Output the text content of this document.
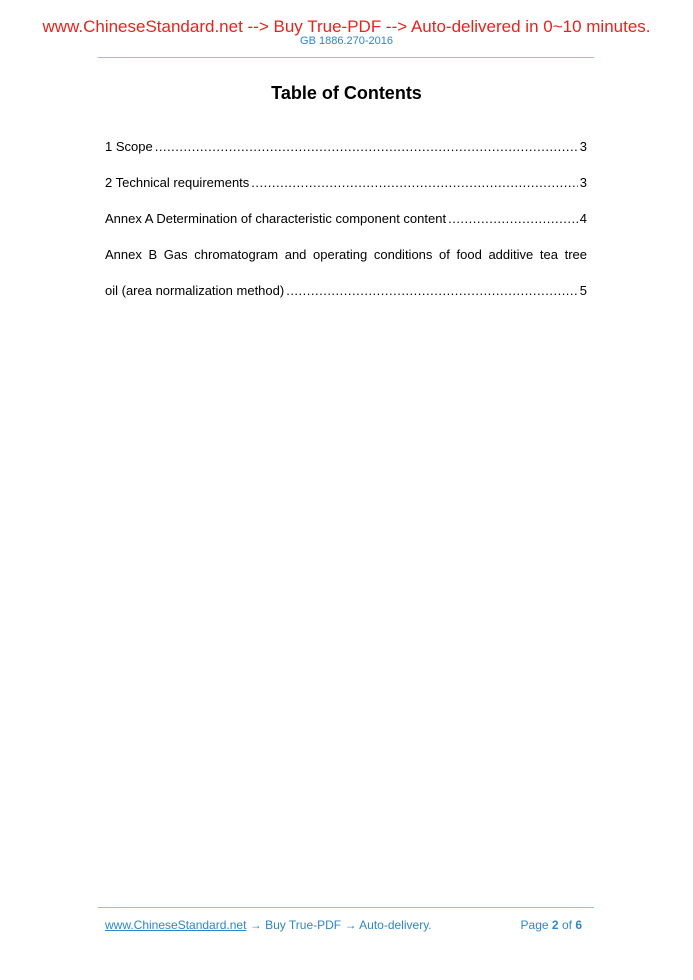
www.ChineseStandard.net --> Buy True-PDF --> Auto-delivered in 0~10 minutes.
GB 1886.270-2016
Table of Contents
1 Scope .....	3
2 Technical requirements .....	3
Annex A Determination of characteristic component content .....	4
Annex B Gas chromatogram and operating conditions of food additive tea tree
oil (area normalization method) .....	5
www.ChineseStandard.net → Buy True-PDF → Auto-delivery.	Page 2 of 6
